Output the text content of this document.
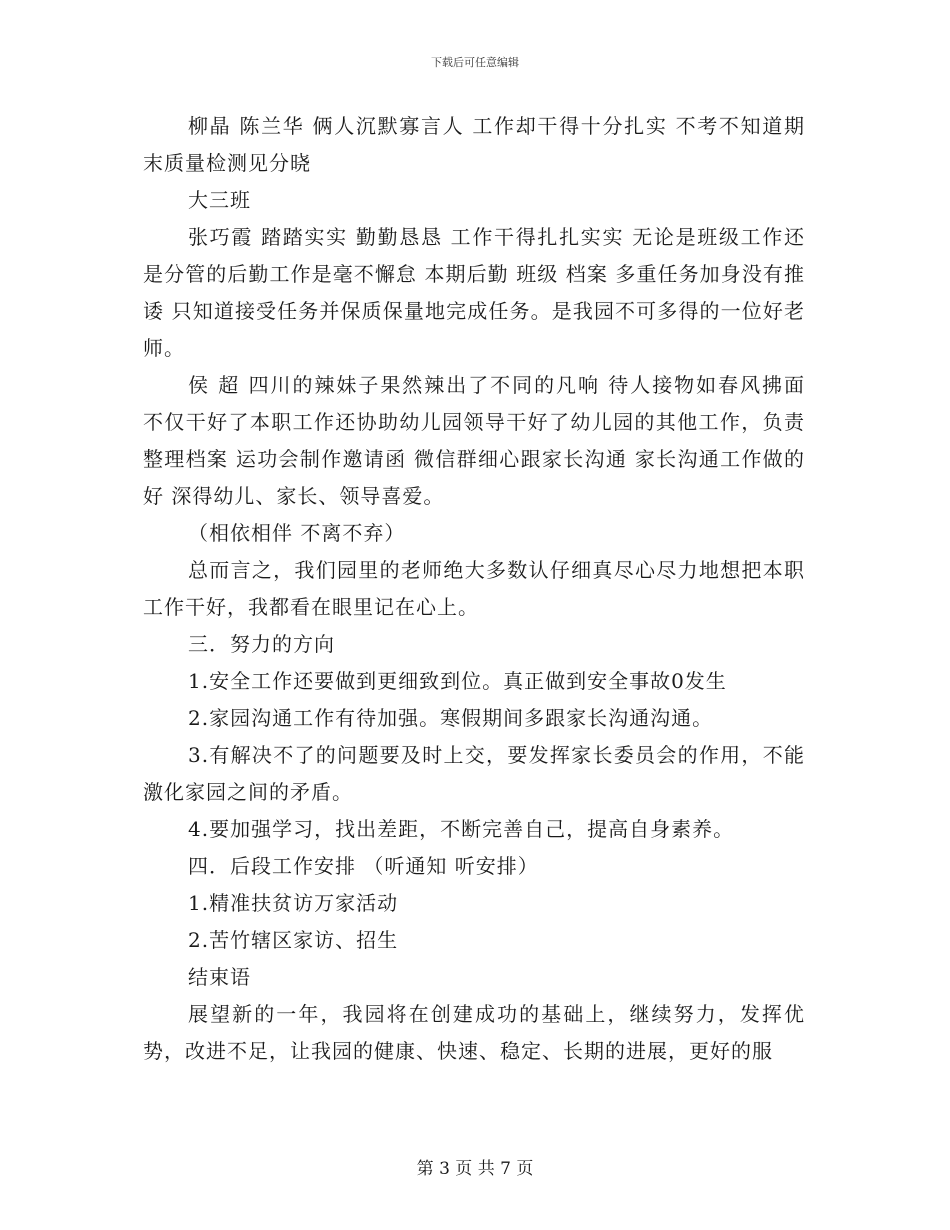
下载后可任意编辑

柳晶 陈兰华 俩人沉默寡言人 工作却干得十分扎实 不考不知道期末质量检测见分晓

大三班

张巧霞 踏踏实实 勤勤恳恳 工作干得扎扎实实 无论是班级工作还是分管的后勤工作是毫不懈怠 本期后勤 班级 档案 多重任务加身没有推诿 只知道接受任务并保质保量地完成任务。是我园不可多得的一位好老师。

侯 超 四川的辣妹子果然辣出了不同的凡响 待人接物如春风拂面 不仅干好了本职工作还协助幼儿园领导干好了幼儿园的其他工作，负责整理档案 运功会制作邀请函 微信群细心跟家长沟通 家长沟通工作做的好 深得幼儿、家长、领导喜爱。

（相依相伴 不离不弃）

总而言之，我们园里的老师绝大多数认仔细真尽心尽力地想把本职工作干好，我都看在眼里记在心上。

三．努力的方向

1.安全工作还要做到更细致到位。真正做到安全事故0发生

2.家园沟通工作有待加强。寒假期间多跟家长沟通沟通。

3.有解决不了的问题要及时上交，要发挥家长委员会的作用，不能激化家园之间的矛盾。

4.要加强学习，找出差距，不断完善自己，提高自身素养。

四．后段工作安排 （听通知 听安排）

1.精准扶贫访万家活动

2.苦竹辖区家访、招生

结束语

展望新的一年，我园将在创建成功的基础上，继续努力，发挥优势，改进不足，让我园的健康、快速、稳定、长期的进展，更好的服

第 3 页 共 7 页
